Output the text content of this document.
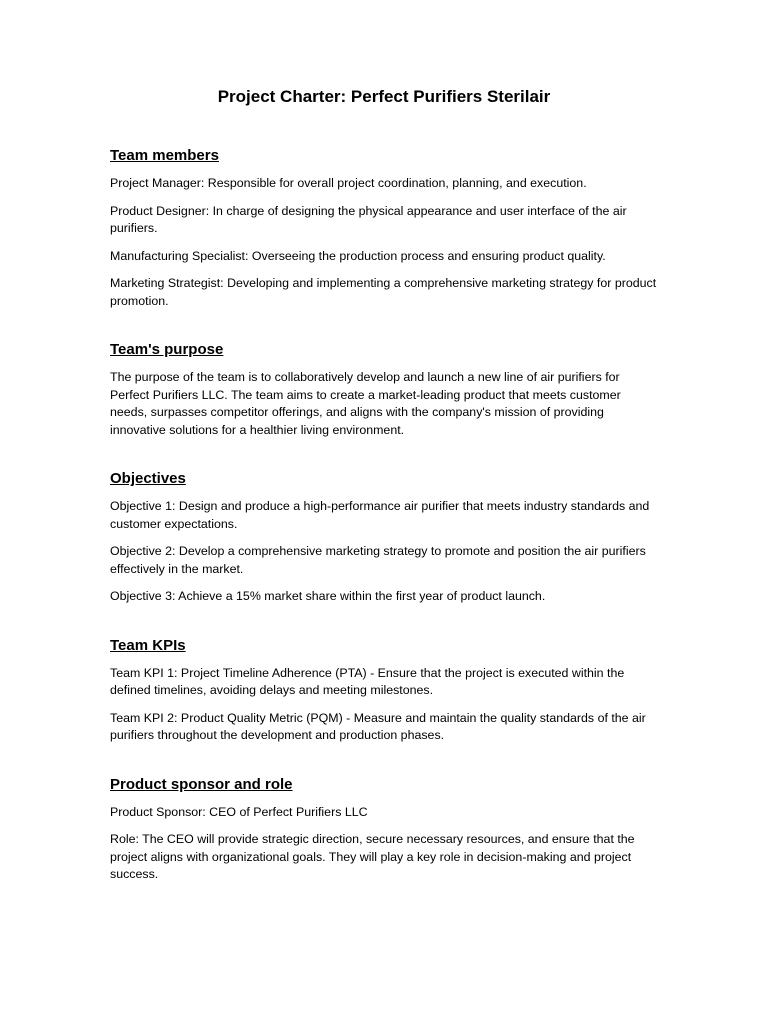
Project Charter: Perfect Purifiers Sterilair
Team members

Project Manager: Responsible for overall project coordination, planning, and execution.

Product Designer: In charge of designing the physical appearance and user interface of the air purifiers.

Manufacturing Specialist: Overseeing the production process and ensuring product quality.

Marketing Strategist: Developing and implementing a comprehensive marketing strategy for product promotion.

Team's purpose

The purpose of the team is to collaboratively develop and launch a new line of air purifiers for Perfect Purifiers LLC. The team aims to create a market-leading product that meets customer needs, surpasses competitor offerings, and aligns with the company's mission of providing innovative solutions for a healthier living environment.

Objectives

Objective 1: Design and produce a high-performance air purifier that meets industry standards and customer expectations.

Objective 2: Develop a comprehensive marketing strategy to promote and position the air purifiers effectively in the market.

Objective 3: Achieve a 15% market share within the first year of product launch.

Team KPIs

Team KPI 1: Project Timeline Adherence (PTA) - Ensure that the project is executed within the defined timelines, avoiding delays and meeting milestones.

Team KPI 2: Product Quality Metric (PQM) - Measure and maintain the quality standards of the air purifiers throughout the development and production phases.

Product sponsor and role

Product Sponsor: CEO of Perfect Purifiers LLC

Role: The CEO will provide strategic direction, secure necessary resources, and ensure that the project aligns with organizational goals. They will play a key role in decision-making and project success.
